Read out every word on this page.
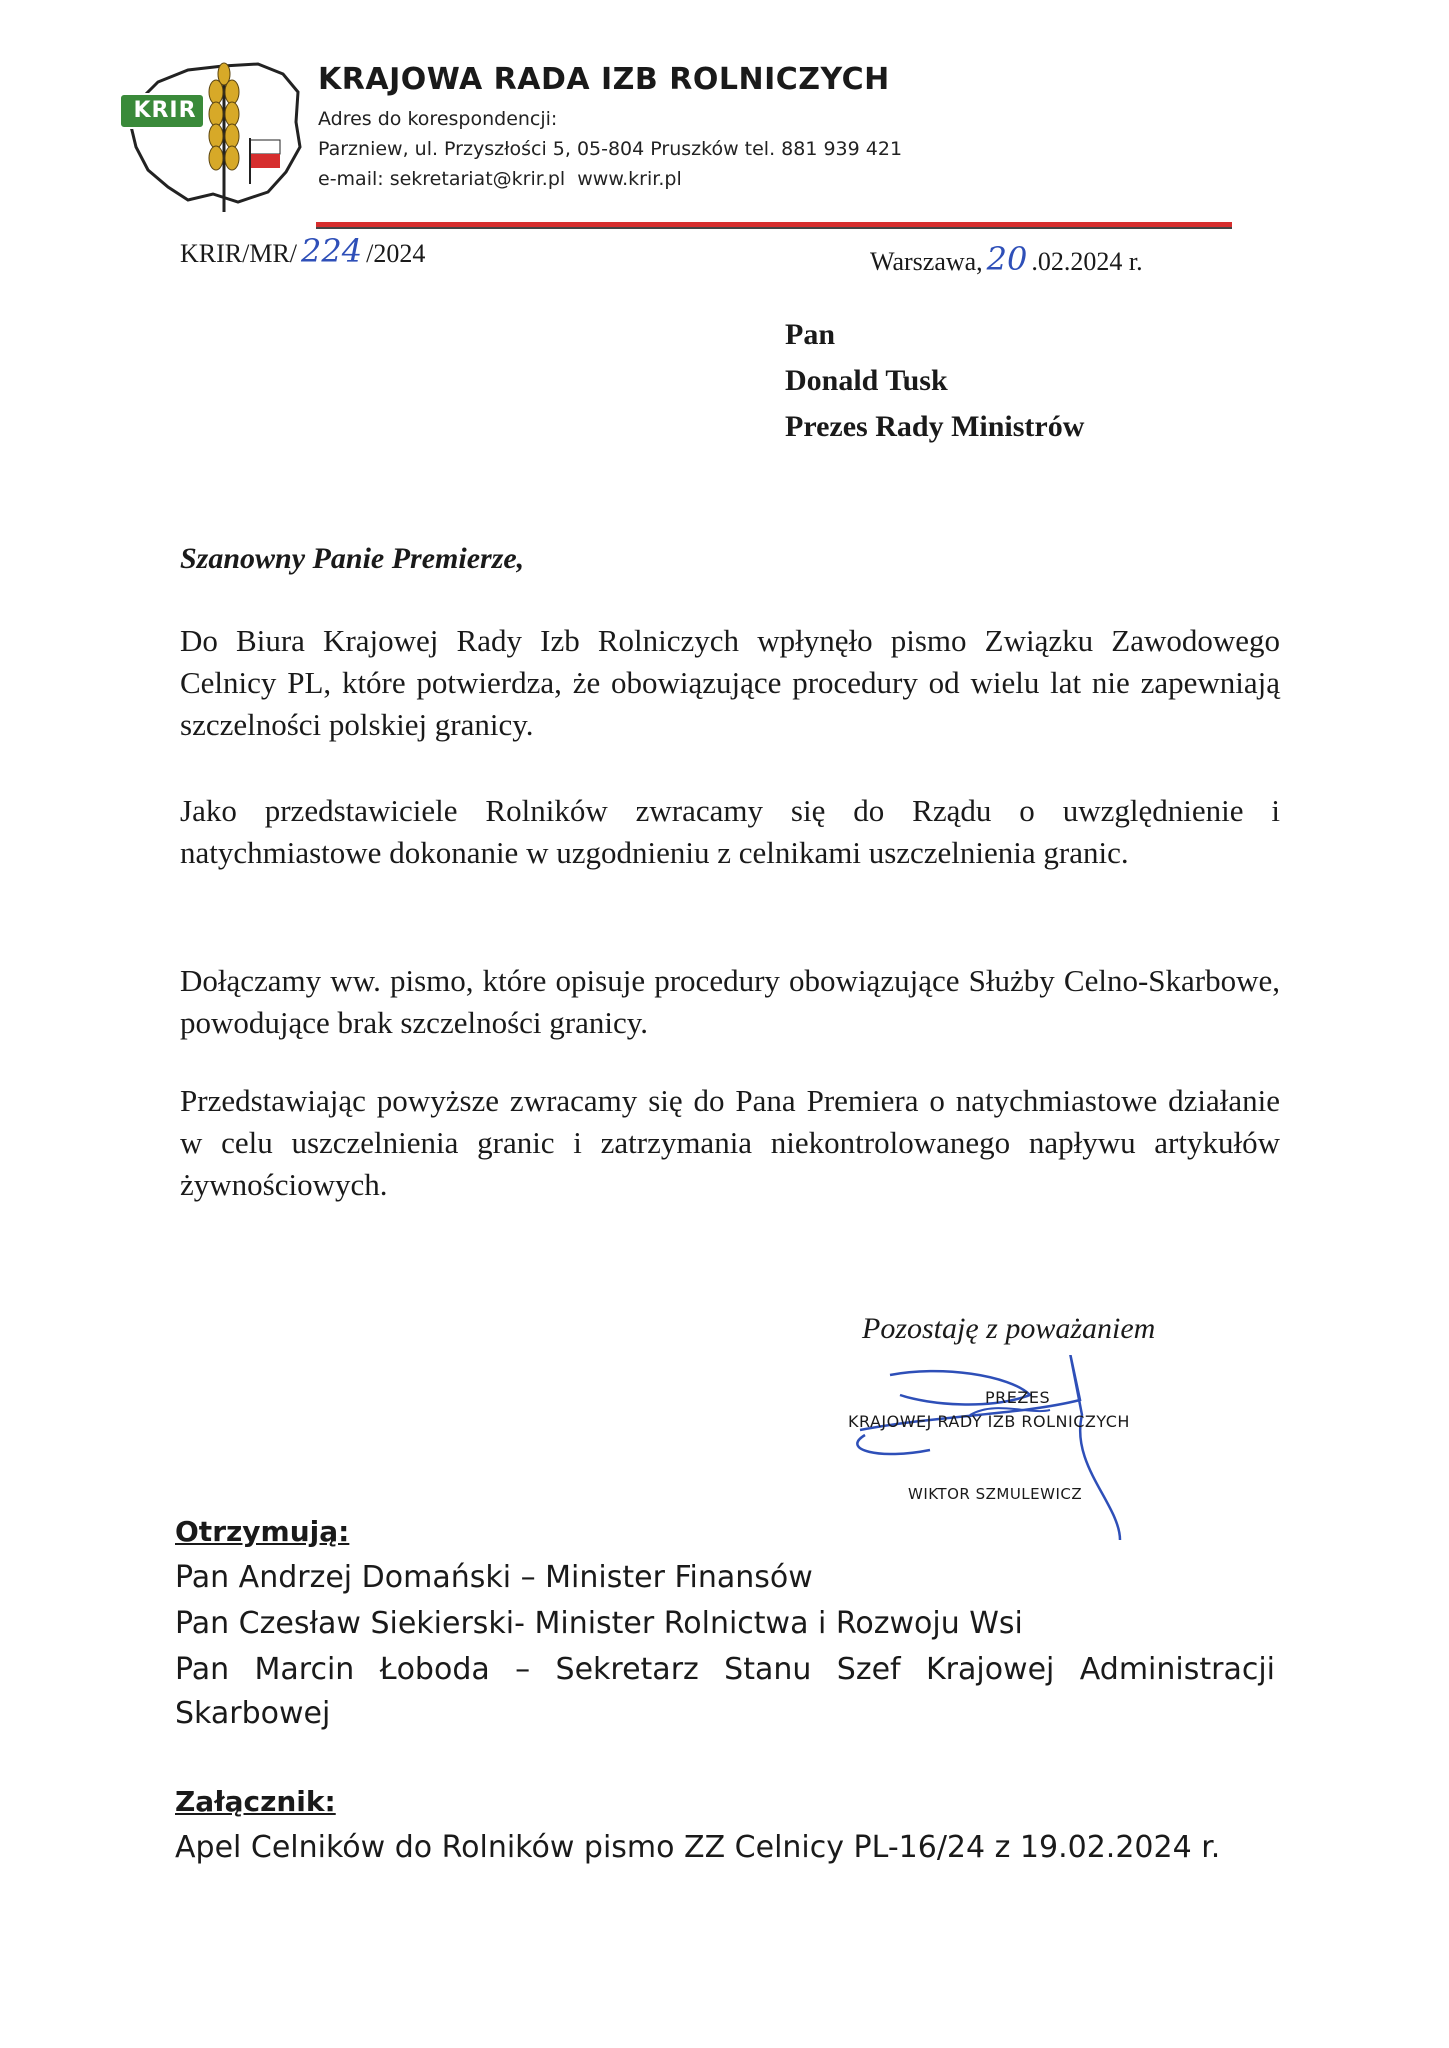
KRIR
KRAJOWA RADA IZB ROLNICZYCH
Adres do korespondencji:
Parzniew, ul. Przyszłości 5, 05-804 Pruszków tel. 881 939 421
e-mail: sekretariat@krir.pl  www.krir.pl
KRIR/MR/ 224 /2024	Warszawa, 20 .02.2024 r.
Pan
Donald Tusk
Prezes Rady Ministrów
Szanowny Panie Premierze,
Do Biura Krajowej Rady Izb Rolniczych wpłynęło pismo Związku Zawodowego Celnicy PL, które potwierdza, że obowiązujące procedury od wielu lat nie zapewniają szczelności polskiej granicy.
Jako przedstawiciele Rolników zwracamy się do Rządu o uwzględnienie i natychmiastowe dokonanie w uzgodnieniu z celnikami uszczelnienia granic.
Dołączamy ww. pismo, które opisuje procedury obowiązujące Służby Celno-Skarbowe, powodujące brak szczelności granicy.
Przedstawiając powyższe zwracamy się do Pana Premiera o natychmiastowe działanie w celu uszczelnienia granic i zatrzymania niekontrolowanego napływu artykułów żywnościowych.
Pozostaję z poważaniem
PREZES
KRAJOWEJ RADY IZB ROLNICZYCH
WIKTOR SZMULEWICZ
Otrzymują:
Pan Andrzej Domański – Minister Finansów
Pan Czesław Siekierski- Minister Rolnictwa i Rozwoju Wsi
Pan Marcin Łoboda – Sekretarz Stanu Szef Krajowej Administracji Skarbowej
Załącznik:
Apel Celników do Rolników pismo ZZ Celnicy PL-16/24 z 19.02.2024 r.
